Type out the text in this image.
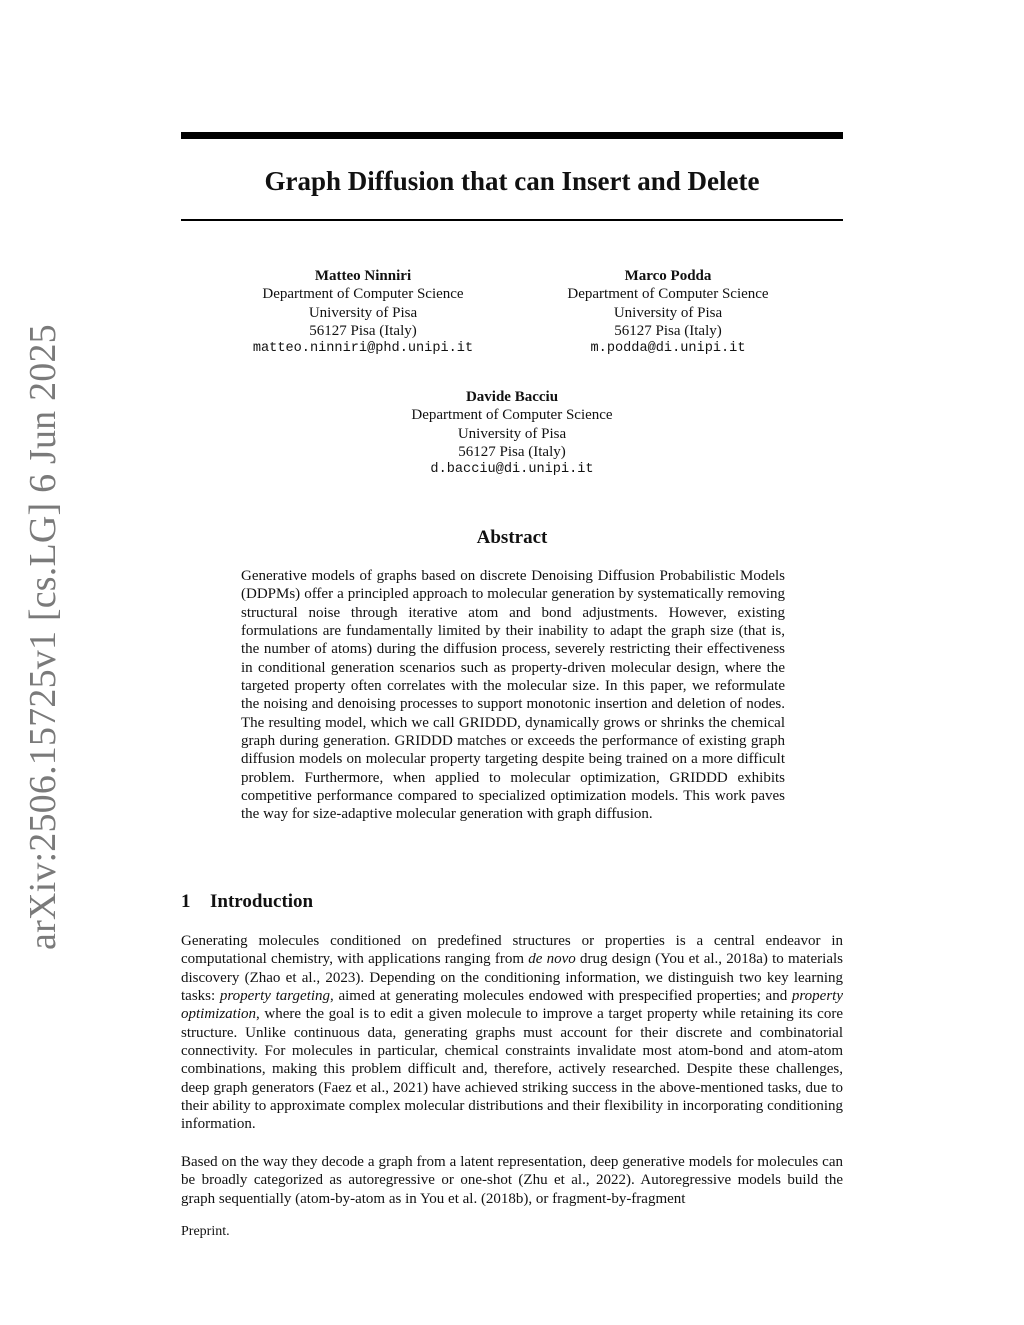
arXiv:2506.15725v1 [cs.LG] 6 Jun 2025
Graph Diffusion that can Insert and Delete
Matteo Ninniri
Department of Computer Science
University of Pisa
56127 Pisa (Italy)
matteo.ninniri@phd.unipi.it
Marco Podda
Department of Computer Science
University of Pisa
56127 Pisa (Italy)
m.podda@di.unipi.it
Davide Bacciu
Department of Computer Science
University of Pisa
56127 Pisa (Italy)
d.bacciu@di.unipi.it
Abstract

Generative models of graphs based on discrete Denoising Diffusion Probabilistic Models (DDPMs) offer a principled approach to molecular generation by systematically removing structural noise through iterative atom and bond adjustments. However, existing formulations are fundamentally limited by their inability to adapt the graph size (that is, the number of atoms) during the diffusion process, severely restricting their effectiveness in conditional generation scenarios such as property-driven molecular design, where the targeted property often correlates with the molecular size. In this paper, we reformulate the noising and denoising processes to support monotonic insertion and deletion of nodes. The resulting model, which we call GRIDDD, dynamically grows or shrinks the chemical graph during generation. GRIDDD matches or exceeds the performance of existing graph diffusion models on molecular property targeting despite being trained on a more difficult problem. Furthermore, when applied to molecular optimization, GRIDDD exhibits competitive performance compared to specialized optimization models. This work paves the way for size-adaptive molecular generation with graph diffusion.

1 Introduction

Generating molecules conditioned on predefined structures or properties is a central endeavor in computational chemistry, with applications ranging from de novo drug design (You et al., 2018a) to materials discovery (Zhao et al., 2023). Depending on the conditioning information, we distinguish two key learning tasks: property targeting, aimed at generating molecules endowed with prespecified properties; and property optimization, where the goal is to edit a given molecule to improve a target property while retaining its core structure. Unlike continuous data, generating graphs must account for their discrete and combinatorial connectivity. For molecules in particular, chemical constraints invalidate most atom-bond and atom-atom combinations, making this problem difficult and, therefore, actively researched. Despite these challenges, deep graph generators (Faez et al., 2021) have achieved striking success in the above-mentioned tasks, due to their ability to approximate complex molecular distributions and their flexibility in incorporating conditioning information.

Based on the way they decode a graph from a latent representation, deep generative models for molecules can be broadly categorized as autoregressive or one-shot (Zhu et al., 2022). Autoregressive models build the graph sequentially (atom-by-atom as in You et al. (2018b), or fragment-by-fragment

Preprint.
